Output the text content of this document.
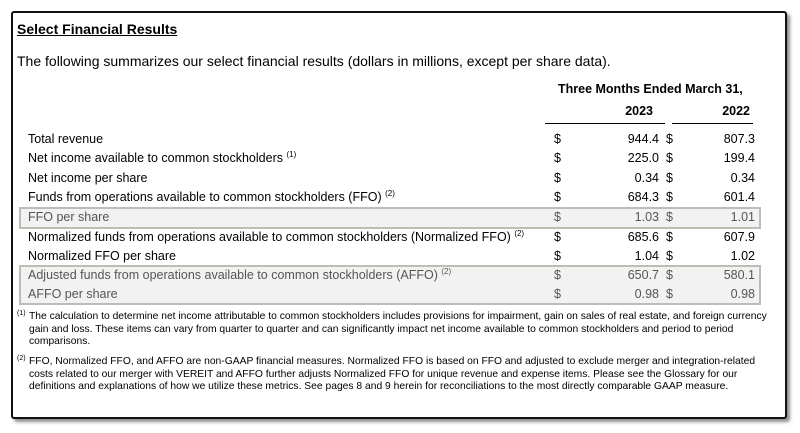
Select Financial Results
The following summarizes our select financial results (dollars in millions, except per share data).
Three Months Ended March 31,
2023	2022
Total revenue	$	944.4 $	807.3
Net income available to common stockholders $^{(1)}$	$	225.0 $	199.4
Net income per share	$	0.34 $	0.34
Funds from operations available to common stockholders (FFO) $^{(2)}$	$	684.3 $	601.4
FFO per share	$	1.03 $	1.01
Normalized funds from operations available to common stockholders (Normalized FFO) $^{(2)}$ $	685.6 $	607.9
Normalized FFO per share	$	1.04 $	1.02
Adjusted funds from operations available to common stockholders (AFFO) $^{(2)}$	$	650.7 $	580.1
AFFO per share	$	0.98 $	0.98
$^{(1)}$ The calculation to determine net income attributable to common stockholders includes provisions for impairment, gain on sales of real estate, and foreign currency gain and loss. These items can vary from quarter to quarter and can significantly impact net income available to common stockholders and period to period comparisons.
$^{(2)}$ FFO, Normalized FFO, and AFFO are non-GAAP financial measures. Normalized FFO is based on FFO and adjusted to exclude merger and integration-related costs related to our merger with VEREIT and AFFO further adjusts Normalized FFO for unique revenue and expense items. Please see the Glossary for our definitions and explanations of how we utilize these metrics. See pages 8 and 9 herein for reconciliations to the most directly comparable GAAP measure.
